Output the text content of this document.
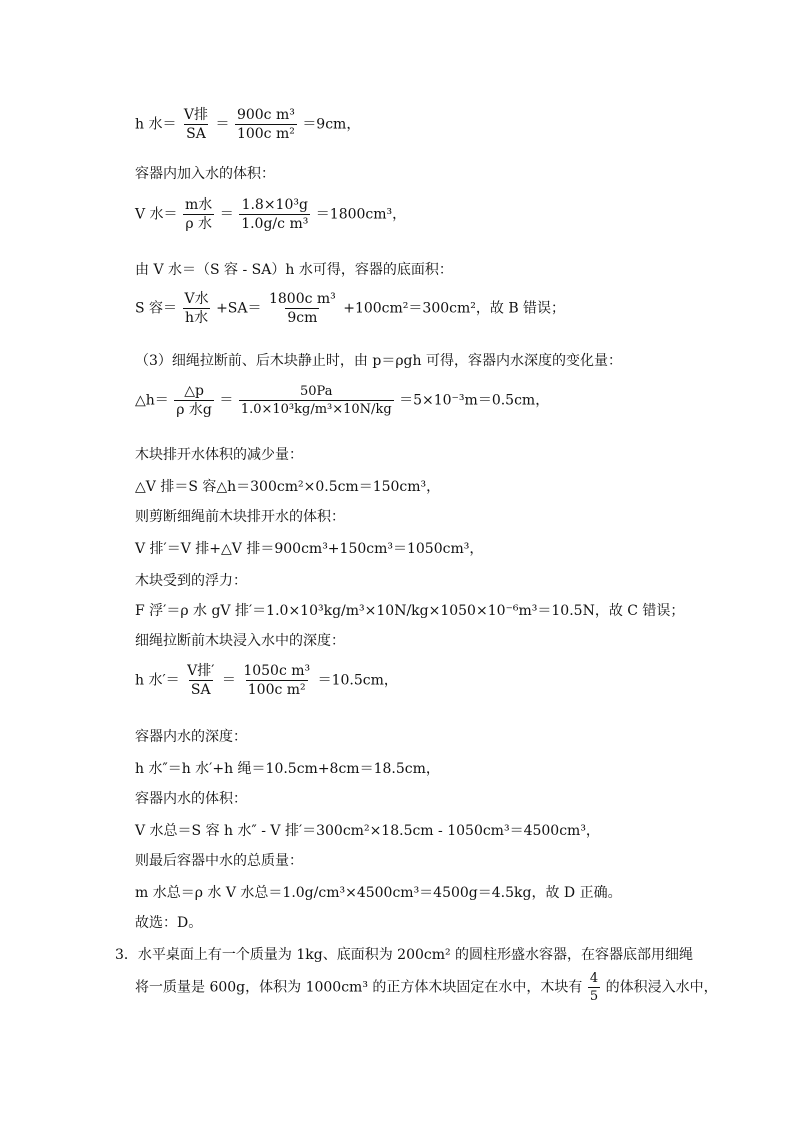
h 水＝ $\frac{\text{V排}}{SA} = \frac{\text{900c m³}}{\text{100c m²}} =9cm$，
容器内加入水的体积：
V 水＝ $\frac{\text{m水}}{\text{ρ 水}} = \frac{\text{1.8×10³g}}{\text{1.0g/c m³}} =1800cm^3$，
由 V 水＝（S 容 - SA）h 水可得，容器的底面积：
S 容＝ $\frac{\text{V水}}{\text{h水}} +SA= \frac{\text{1800c m³}}{9cm} +100cm^2=300cm^2$，故 B 错误；
（3）细绳拉断前、后木块静止时，由 p＝ρgh 可得，容器内水深度的变化量：
△h＝ $\frac{\triangle p}{\text{ρ 水g}} = \frac{50Pa}{\text{1.0×10³kg/m³×10N/kg}} =5\times 10^{-3}m=0.5cm$，
木块排开水体积的减少量：
△V 排＝S 容△h＝300cm²×0.5cm＝150cm³，
则剪断细绳前木块排开水的体积：
V 排′＝V 排+△V 排＝900cm³+150cm³＝1050cm³，
木块受到的浮力：
F 浮′＝ρ 水 gV 排′＝1.0×10³kg/m³×10N/kg×1050×10⁻⁶m³＝10.5N，故 C 错误；
细绳拉断前木块浸入水中的深度：
h 水′＝ $\frac{\text{V排′}}{SA} = \frac{\text{1050c m³}}{\text{100c m²}} =10.5cm$，
容器内水的深度：
h 水″＝h 水′+h 绳＝10.5cm+8cm＝18.5cm，
容器内水的体积：
V 水总＝S 容 h 水″ - V 排′＝300cm²×18.5cm - 1050cm³＝4500cm³，
则最后容器中水的总质量：
m 水总＝ρ 水 V 水总＝1.0g/cm³×4500cm³＝4500g＝4.5kg，故 D 正确。
故选：D。
3．水平桌面上有一个质量为 1kg、底面积为 200cm² 的圆柱形盛水容器，在容器底部用细绳
将一质量是 600g，体积为 1000cm³ 的正方体木块固定在水中，木块有 $\frac{4}{5}$ 的体积浸入水中，
